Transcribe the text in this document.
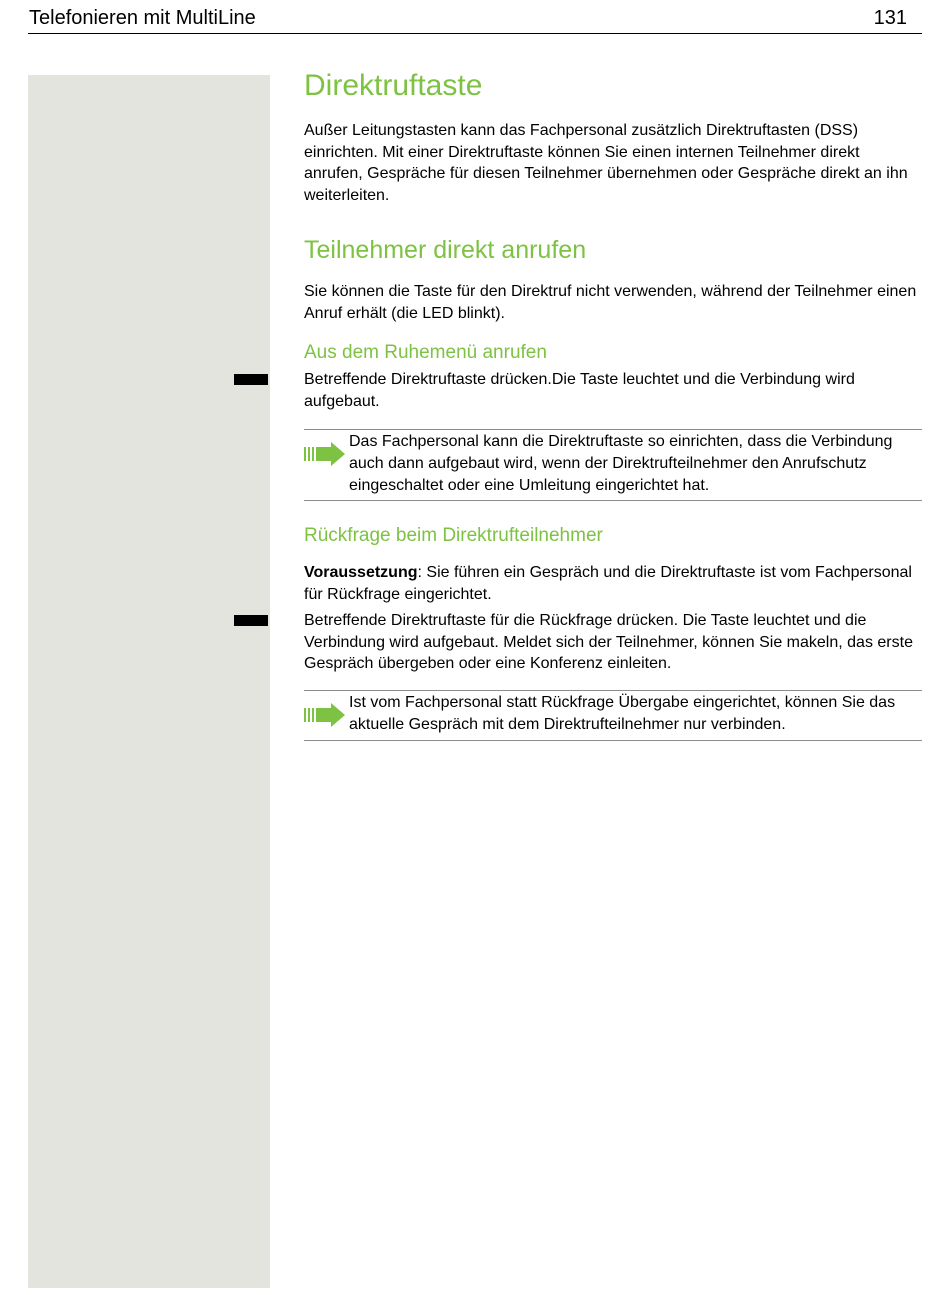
Telefonieren mit MultiLine	131
Direktruftaste
Außer Leitungstasten kann das Fachpersonal zusätzlich Direktruftasten (DSS) einrichten. Mit einer Direktruftaste können Sie einen internen Teilnehmer direkt anrufen, Gespräche für diesen Teilnehmer übernehmen oder Gespräche direkt an ihn weiterleiten.
Teilnehmer direkt anrufen
Sie können die Taste für den Direktruf nicht verwenden, während der Teilnehmer einen Anruf erhält (die LED blinkt).
Aus dem Ruhemenü anrufen
Betreffende Direktruftaste drücken.Die Taste leuchtet und die Verbindung wird aufgebaut.
Das Fachpersonal kann die Direktruftaste so einrichten, dass die Verbindung auch dann aufgebaut wird, wenn der Direktrufteilnehmer den Anrufschutz eingeschaltet oder eine Umleitung eingerichtet hat.
Rückfrage beim Direktrufteilnehmer
Voraussetzung: Sie führen ein Gespräch und die Direktruftaste ist vom Fachpersonal für Rückfrage eingerichtet.
Betreffende Direktruftaste für die Rückfrage drücken. Die Taste leuchtet und die Verbindung wird aufgebaut. Meldet sich der Teilnehmer, können Sie makeln, das erste Gespräch übergeben oder eine Konferenz einleiten.
Ist vom Fachpersonal statt Rückfrage Übergabe eingerichtet, können Sie das aktuelle Gespräch mit dem Direktrufteilnehmer nur verbinden.
